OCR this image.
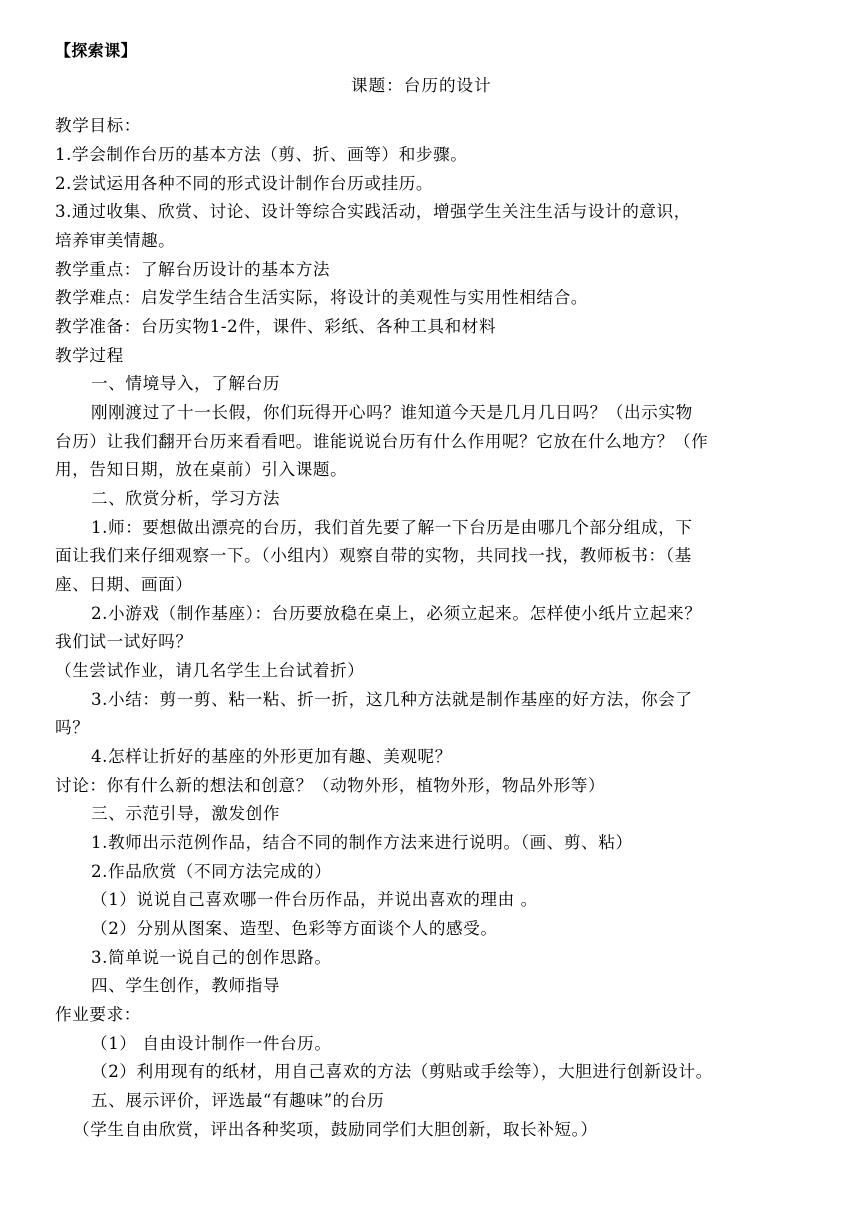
【探索课】
课题：台历的设计
教学目标：
1.学会制作台历的基本方法（剪、折、画等）和步骤。
2.尝试运用各种不同的形式设计制作台历或挂历。
3.通过收集、欣赏、讨论、设计等综合实践活动，增强学生关注生活与设计的意识，
培养审美情趣。
教学重点：了解台历设计的基本方法
教学难点：启发学生结合生活实际，将设计的美观性与实用性相结合。
教学准备：台历实物1-2件，课件、彩纸、各种工具和材料
教学过程
一、情境导入，了解台历
刚刚渡过了十一长假，你们玩得开心吗？谁知道今天是几月几日吗？（出示实物
台历）让我们翻开台历来看看吧。谁能说说台历有什么作用呢？它放在什么地方？（作
用，告知日期，放在桌前）引入课题。
二、欣赏分析，学习方法
1.师：要想做出漂亮的台历，我们首先要了解一下台历是由哪几个部分组成，下
面让我们来仔细观察一下。（小组内）观察自带的实物，共同找一找，教师板书：（基
座、日期、画面）
2.小游戏（制作基座）：台历要放稳在桌上，必须立起来。怎样使小纸片立起来？
我们试一试好吗？
（生尝试作业，请几名学生上台试着折）
3.小结：剪一剪、粘一粘、折一折，这几种方法就是制作基座的好方法，你会了
吗？
4.怎样让折好的基座的外形更加有趣、美观呢？
讨论：你有什么新的想法和创意？（动物外形，植物外形，物品外形等）
三、示范引导，激发创作
1.教师出示范例作品，结合不同的制作方法来进行说明。（画、剪、粘）
2.作品欣赏（不同方法完成的）
（1）说说自己喜欢哪一件台历作品，并说出喜欢的理由 。
（2）分别从图案、造型、色彩等方面谈个人的感受。
3.简单说一说自己的创作思路。
四、学生创作，教师指导
作业要求：
（1） 自由设计制作一件台历。
（2）利用现有的纸材，用自己喜欢的方法（剪贴或手绘等），大胆进行创新设计。
五、展示评价，评选最“有趣味”的台历
（学生自由欣赏，评出各种奖项，鼓励同学们大胆创新，取长补短。）
